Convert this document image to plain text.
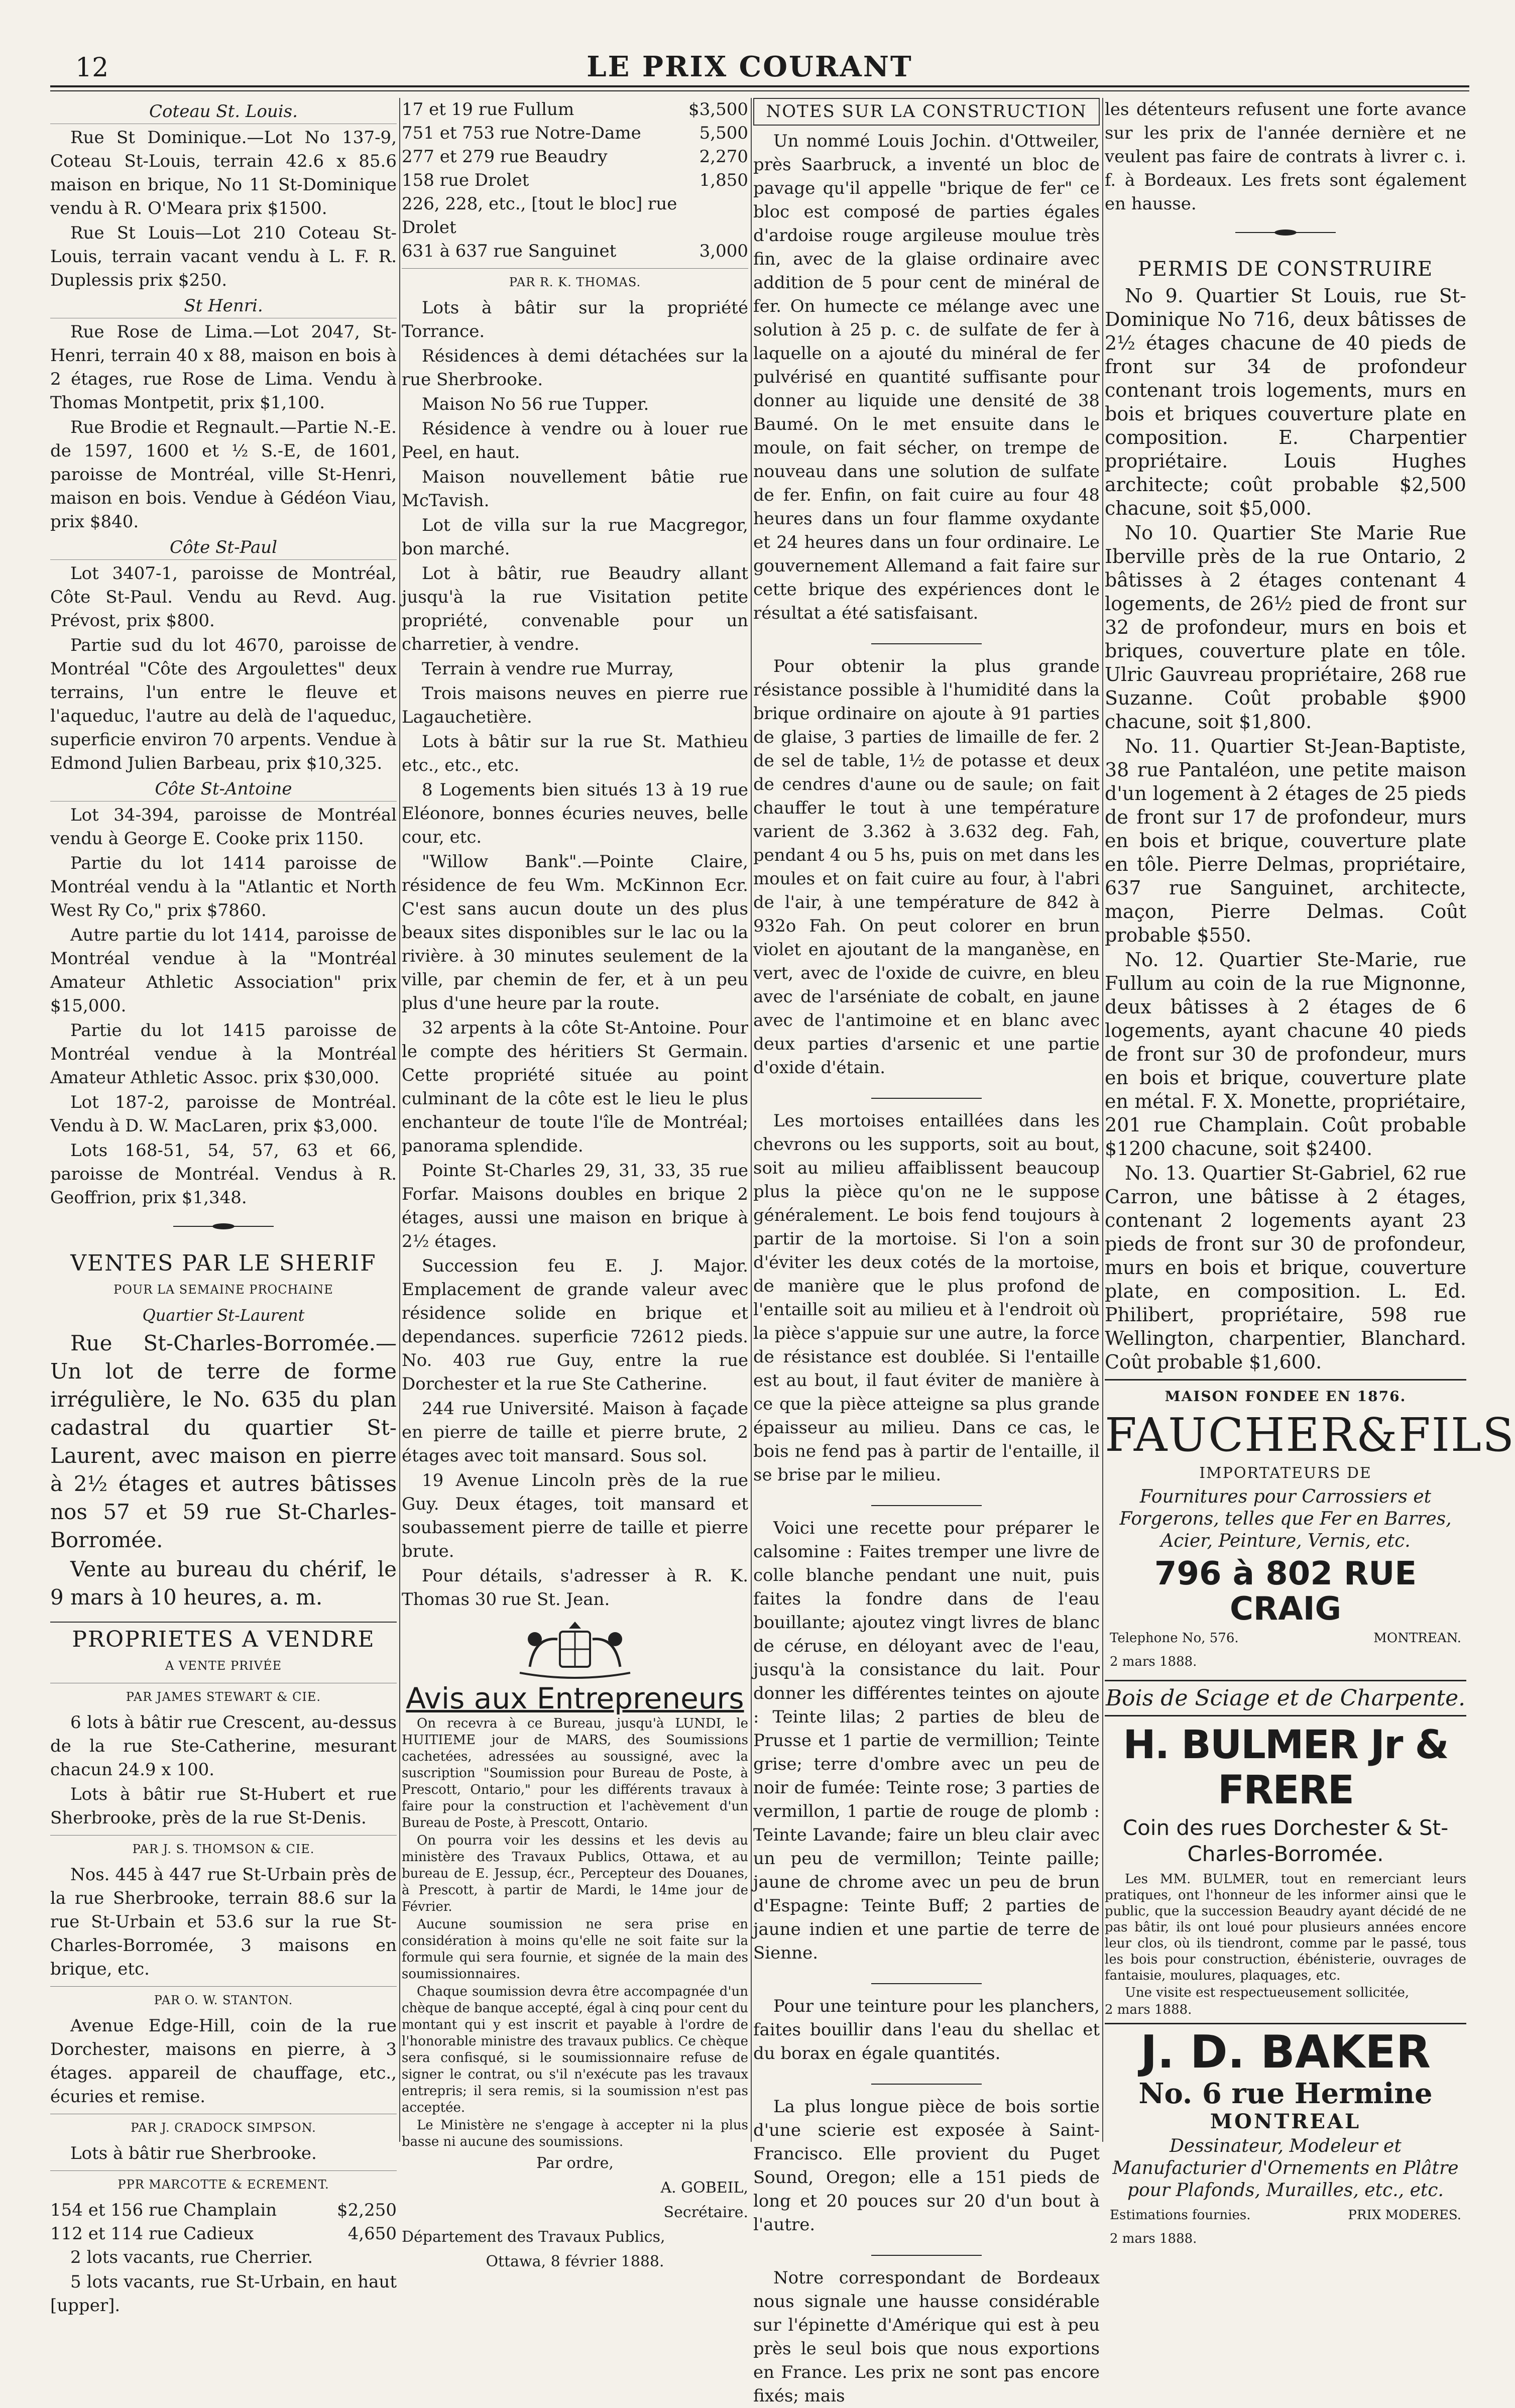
12	LE PRIX COURANT
Coteau St. Louis.

Rue St Dominique.—Lot No 137-9, Coteau St-Louis, terrain 42.6 x 85.6 maison en brique, No 11 St-Dominique vendu à R. O'Meara prix $1500.

Rue St Louis—Lot 210 Coteau St-Louis, terrain vacant vendu à L. F. R. Duplessis prix $250.

St Henri.

Rue Rose de Lima.—Lot 2047, St-Henri, terrain 40 x 88, maison en bois à 2 étages, rue Rose de Lima. Vendu à Thomas Montpetit, prix $1,100.

Rue Brodie et Regnault.—Partie N.-E. de 1597, 1600 et ½ S.-E, de 1601, paroisse de Montréal, ville St-Henri, maison en bois. Vendue à Gédéon Viau, prix $840.

Côte St-Paul

Lot 3407-1, paroisse de Montréal, Côte St-Paul. Vendu au Revd. Aug. Prévost, prix $800.

Partie sud du lot 4670, paroisse de Montréal "Côte des Argoulettes" deux terrains, l'un entre le fleuve et l'aqueduc, l'autre au delà de l'aqueduc, superficie environ 70 arpents. Vendue à Edmond Julien Barbeau, prix $10,325.

Côte St-Antoine

Lot 34-394, paroisse de Montréal vendu à George E. Cooke prix 1150.

Partie du lot 1414 paroisse de Montréal vendu à la "Atlantic et North West Ry Co," prix $7860.

Autre partie du lot 1414, paroisse de Montréal vendue à la "Montréal Amateur Athletic Association" prix $15,000.

Partie du lot 1415 paroisse de Montréal vendue à la Montréal Amateur Athletic Assoc. prix $30,000.

Lot 187-2, paroisse de Montréal. Vendu à D. W. MacLaren, prix $3,000.

Lots 168-51, 54, 57, 63 et 66, paroisse de Montréal. Vendus à R. Geoffrion, prix $1,348.

VENTES PAR LE SHERIF
POUR LA SEMAINE PROCHAINE
Quartier St-Laurent

Rue St-Charles-Borromée.—Un lot de terre de forme irrégulière, le No. 635 du plan cadastral du quartier St-Laurent, avec maison en pierre à 2½ étages et autres bâtisses nos 57 et 59 rue St-Charles-Borromée.

Vente au bureau du chérif, le 9 mars à 10 heures, a. m.

PROPRIETES A VENDRE
A VENTE PRIVÉE
PAR JAMES STEWART & CIE.

6 lots à bâtir rue Crescent, au-dessus de la rue Ste-Catherine, mesurant chacun 24.9 x 100.

Lots à bâtir rue St-Hubert et rue Sherbrooke, près de la rue St-Denis.

PAR J. S. THOMSON & CIE.

Nos. 445 à 447 rue St-Urbain près de la rue Sherbrooke, terrain 88.6 sur la rue St-Urbain et 53.6 sur la rue St-Charles-Borromée, 3 maisons en brique, etc.

PAR O. W. STANTON.

Avenue Edge-Hill, coin de la rue Dorchester, maisons en pierre, à 3 étages. appareil de chauffage, etc., écuries et remise.

PAR J. CRADOCK SIMPSON.

Lots à bâtir rue Sherbrooke.

PPR MARCOTTE & ECREMENT.
154 et 156 rue Champlain	$2,250
112 et 114 rue Cadieux	4,650

2 lots vacants, rue Cherrier.

5 lots vacants, rue St-Urbain, en haut [upper].

17 et 19 rue Fullum	$3,500
751 et 753 rue Notre-Dame	5,500
277 et 279 rue Beaudry	2,270
158 rue Drolet	1,850
226, 228, etc., [tout le bloc] rue Drolet	
631 à 637 rue Sanguinet	3,000
PAR R. K. THOMAS.

Lots à bâtir sur la propriété Torrance.

Résidences à demi détachées sur la rue Sherbrooke.

Maison No 56 rue Tupper.

Résidence à vendre ou à louer rue Peel, en haut.

Maison nouvellement bâtie rue McTavish.

Lot de villa sur la rue Macgregor, bon marché.

Lot à bâtir, rue Beaudry allant jusqu'à la rue Visitation petite propriété, convenable pour un charretier, à vendre.

Terrain à vendre rue Murray,

Trois maisons neuves en pierre rue Lagauchetière.

Lots à bâtir sur la rue St. Mathieu etc., etc., etc.

8 Logements bien situés 13 à 19 rue Eléonore, bonnes écuries neuves, belle cour, etc.

"Willow Bank".—Pointe Claire, résidence de feu Wm. McKinnon Ecr. C'est sans aucun doute un des plus beaux sites disponibles sur le lac ou la rivière. à 30 minutes seulement de la ville, par chemin de fer, et à un peu plus d'une heure par la route.

32 arpents à la côte St-Antoine. Pour le compte des héritiers St Germain. Cette propriété située au point culminant de la côte est le lieu le plus enchanteur de toute l'île de Montréal; panorama splendide.

Pointe St-Charles 29, 31, 33, 35 rue Forfar. Maisons doubles en brique 2 étages, aussi une maison en brique à 2½ étages.

Succession feu E. J. Major. Emplacement de grande valeur avec résidence solide en brique et dependances. superficie 72612 pieds. No. 403 rue Guy, entre la rue Dorchester et la rue Ste Catherine.

244 rue Université. Maison à façade en pierre de taille et pierre brute, 2 étages avec toit mansard. Sous sol.

19 Avenue Lincoln près de la rue Guy. Deux étages, toit mansard et soubassement pierre de taille et pierre brute.

Pour détails, s'adresser à R. K. Thomas 30 rue St. Jean.

Avis aux Entrepreneurs

On recevra à ce Bureau, jusqu'à LUNDI, le HUITIEME jour de MARS, des Soumissions cachetées, adressées au soussigné, avec la suscription "Soumission pour Bureau de Poste, à Prescott, Ontario," pour les différents travaux à faire pour la construction et l'achèvement d'un Bureau de Poste, à Prescott, Ontario.

On pourra voir les dessins et les devis au ministère des Travaux Publics, Ottawa, et au bureau de E. Jessup, écr., Percepteur des Douanes, à Prescott, à partir de Mardi, le 14me jour de Février.

Aucune soumission ne sera prise en considération à moins qu'elle ne soit faite sur la formule qui sera fournie, et signée de la main des soumissionnaires.

Chaque soumission devra être accompagnée d'un chèque de banque accepté, égal à cinq pour cent du montant qui y est inscrit et payable à l'ordre de l'honorable ministre des travaux publics. Ce chèque sera confisqué, si le soumissionnaire refuse de signer le contrat, ou s'il n'exécute pas les travaux entrepris; il sera remis, si la soumission n'est pas acceptée.

Le Ministère ne s'engage à accepter ni la plus basse ni aucune des soumissions.

Par ordre,
A. GOBEIL,
Secrétaire.
Département des Travaux Publics,
Ottawa, 8 février 1888.
NOTES SUR LA CONSTRUCTION

Un nommé Louis Jochin. d'Ottweiler, près Saarbruck, a inventé un bloc de pavage qu'il appelle "brique de fer" ce bloc est composé de parties égales d'ardoise rouge argileuse moulue très fin, avec de la glaise ordinaire avec addition de 5 pour cent de minéral de fer. On humecte ce mélange avec une solution à 25 p. c. de sulfate de fer à laquelle on a ajouté du minéral de fer pulvérisé en quantité suffisante pour donner au liquide une densité de 38 Baumé. On le met ensuite dans le moule, on fait sécher, on trempe de nouveau dans une solution de sulfate de fer. Enfin, on fait cuire au four 48 heures dans un four flamme oxydante et 24 heures dans un four ordinaire. Le gouvernement Allemand a fait faire sur cette brique des expériences dont le résultat a été satisfaisant.

Pour obtenir la plus grande résistance possible à l'humidité dans la brique ordinaire on ajoute à 91 parties de glaise, 3 parties de limaille de fer. 2 de sel de table, 1½ de potasse et deux de cendres d'aune ou de saule; on fait chauffer le tout à une température varient de 3.362 à 3.632 deg. Fah, pendant 4 ou 5 hs, puis on met dans les moules et on fait cuire au four, à l'abri de l'air, à une température de 842 à 932o Fah. On peut colorer en brun violet en ajoutant de la manganèse, en vert, avec de l'oxide de cuivre, en bleu avec de l'arséniate de cobalt, en jaune avec de l'antimoine et en blanc avec deux parties d'arsenic et une partie d'oxide d'étain.

Les mortoises entaillées dans les chevrons ou les supports, soit au bout, soit au milieu affaiblissent beaucoup plus la pièce qu'on ne le suppose généralement. Le bois fend toujours à partir de la mortoise. Si l'on a soin d'éviter les deux cotés de la mortoise, de manière que le plus profond de l'entaille soit au milieu et à l'endroit où la pièce s'appuie sur une autre, la force de résistance est doublée. Si l'entaille est au bout, il faut éviter de manière à ce que la pièce atteigne sa plus grande épaisseur au milieu. Dans ce cas, le bois ne fend pas à partir de l'entaille, il se brise par le milieu.

Voici une recette pour préparer le calsomine : Faites tremper une livre de colle blanche pendant une nuit, puis faites la fondre dans de l'eau bouillante; ajoutez vingt livres de blanc de céruse, en déloyant avec de l'eau, jusqu'à la consistance du lait. Pour donner les différentes teintes on ajoute : Teinte lilas; 2 parties de bleu de Prusse et 1 partie de vermillion; Teinte grise; terre d'ombre avec un peu de noir de fumée: Teinte rose; 3 parties de vermillon, 1 partie de rouge de plomb : Teinte Lavande; faire un bleu clair avec un peu de vermillon; Teinte paille; jaune de chrome avec un peu de brun d'Espagne: Teinte Buff; 2 parties de jaune indien et une partie de terre de Sienne.

Pour une teinture pour les planchers, faites bouillir dans l'eau du shellac et du borax en égale quantités.

La plus longue pièce de bois sortie d'une scierie est exposée à Saint-Francisco. Elle provient du Puget Sound, Oregon; elle a 151 pieds de long et 20 pouces sur 20 d'un bout à l'autre.

Notre correspondant de Bordeaux nous signale une hausse considérable sur l'épinette d'Amérique qui est à peu près le seul bois que nous exportions en France. Les prix ne sont pas encore fixés; mais

les détenteurs refusent une forte avance sur les prix de l'année dernière et ne veulent pas faire de contrats à livrer c. i. f. à Bordeaux. Les frets sont également en hausse.

PERMIS DE CONSTRUIRE

No 9. Quartier St Louis, rue St-Dominique No 716, deux bâtisses de 2½ étages chacune de 40 pieds de front sur 34 de profondeur contenant trois logements, murs en bois et briques couverture plate en composition. E. Charpentier propriétaire. Louis Hughes architecte; coût probable $2,500 chacune, soit $5,000.

No 10. Quartier Ste Marie Rue Iberville près de la rue Ontario, 2 bâtisses à 2 étages contenant 4 logements, de 26½ pied de front sur 32 de profondeur, murs en bois et briques, couverture plate en tôle. Ulric Gauvreau propriétaire, 268 rue Suzanne. Coût probable $900 chacune, soit $1,800.

No. 11. Quartier St-Jean-Baptiste, 38 rue Pantaléon, une petite maison d'un logement à 2 étages de 25 pieds de front sur 17 de profondeur, murs en bois et brique, couverture plate en tôle. Pierre Delmas, propriétaire, 637 rue Sanguinet, architecte, maçon, Pierre Delmas. Coût probable $550.

No. 12. Quartier Ste-Marie, rue Fullum au coin de la rue Mignonne, deux bâtisses à 2 étages de 6 logements, ayant chacune 40 pieds de front sur 30 de profondeur, murs en bois et brique, couverture plate en métal. F. X. Monette, propriétaire, 201 rue Champlain. Coût probable $1200 chacune, soit $2400.

No. 13. Quartier St-Gabriel, 62 rue Carron, une bâtisse à 2 étages, contenant 2 logements ayant 23 pieds de front sur 30 de profondeur, murs en bois et brique, couverture plate, en composition. L. Ed. Philibert, propriétaire, 598 rue Wellington, charpentier, Blanchard. Coût probable $1,600.

MAISON FONDEE EN 1876.
FAUCHER&FILS
IMPORTATEURS DE
Fournitures pour Carrossiers et Forgerons, telles que Fer en Barres, Acier, Peinture, Vernis, etc.
796 à 802 RUE CRAIG
Telephone No, 576.	MONTREAN.
2 mars 1888.
Bois de Sciage et de Charpente.
H. BULMER Jr & FRERE
Coin des rues Dorchester & St-Charles-Borromée.

Les MM. BULMER, tout en remerciant leurs pratiques, ont l'honneur de les informer ainsi que le public, que la succession Beaudry ayant décidé de ne pas bâtir, ils ont loué pour plusieurs années encore leur clos, où ils tiendront, comme par le passé, tous les bois pour construction, ébénisterie, ouvrages de fantaisie, moulures, plaquages, etc.

Une visite est respectueusement sollicitée,

2 mars 1888.

J. D. BAKER
No. 6 rue Hermine
MONTREAL
Dessinateur, Modeleur et Manufacturier d'Ornements en Plâtre pour Plafonds, Murailles, etc., etc.
Estimations fournies.	PRIX MODERES.
2 mars 1888.
